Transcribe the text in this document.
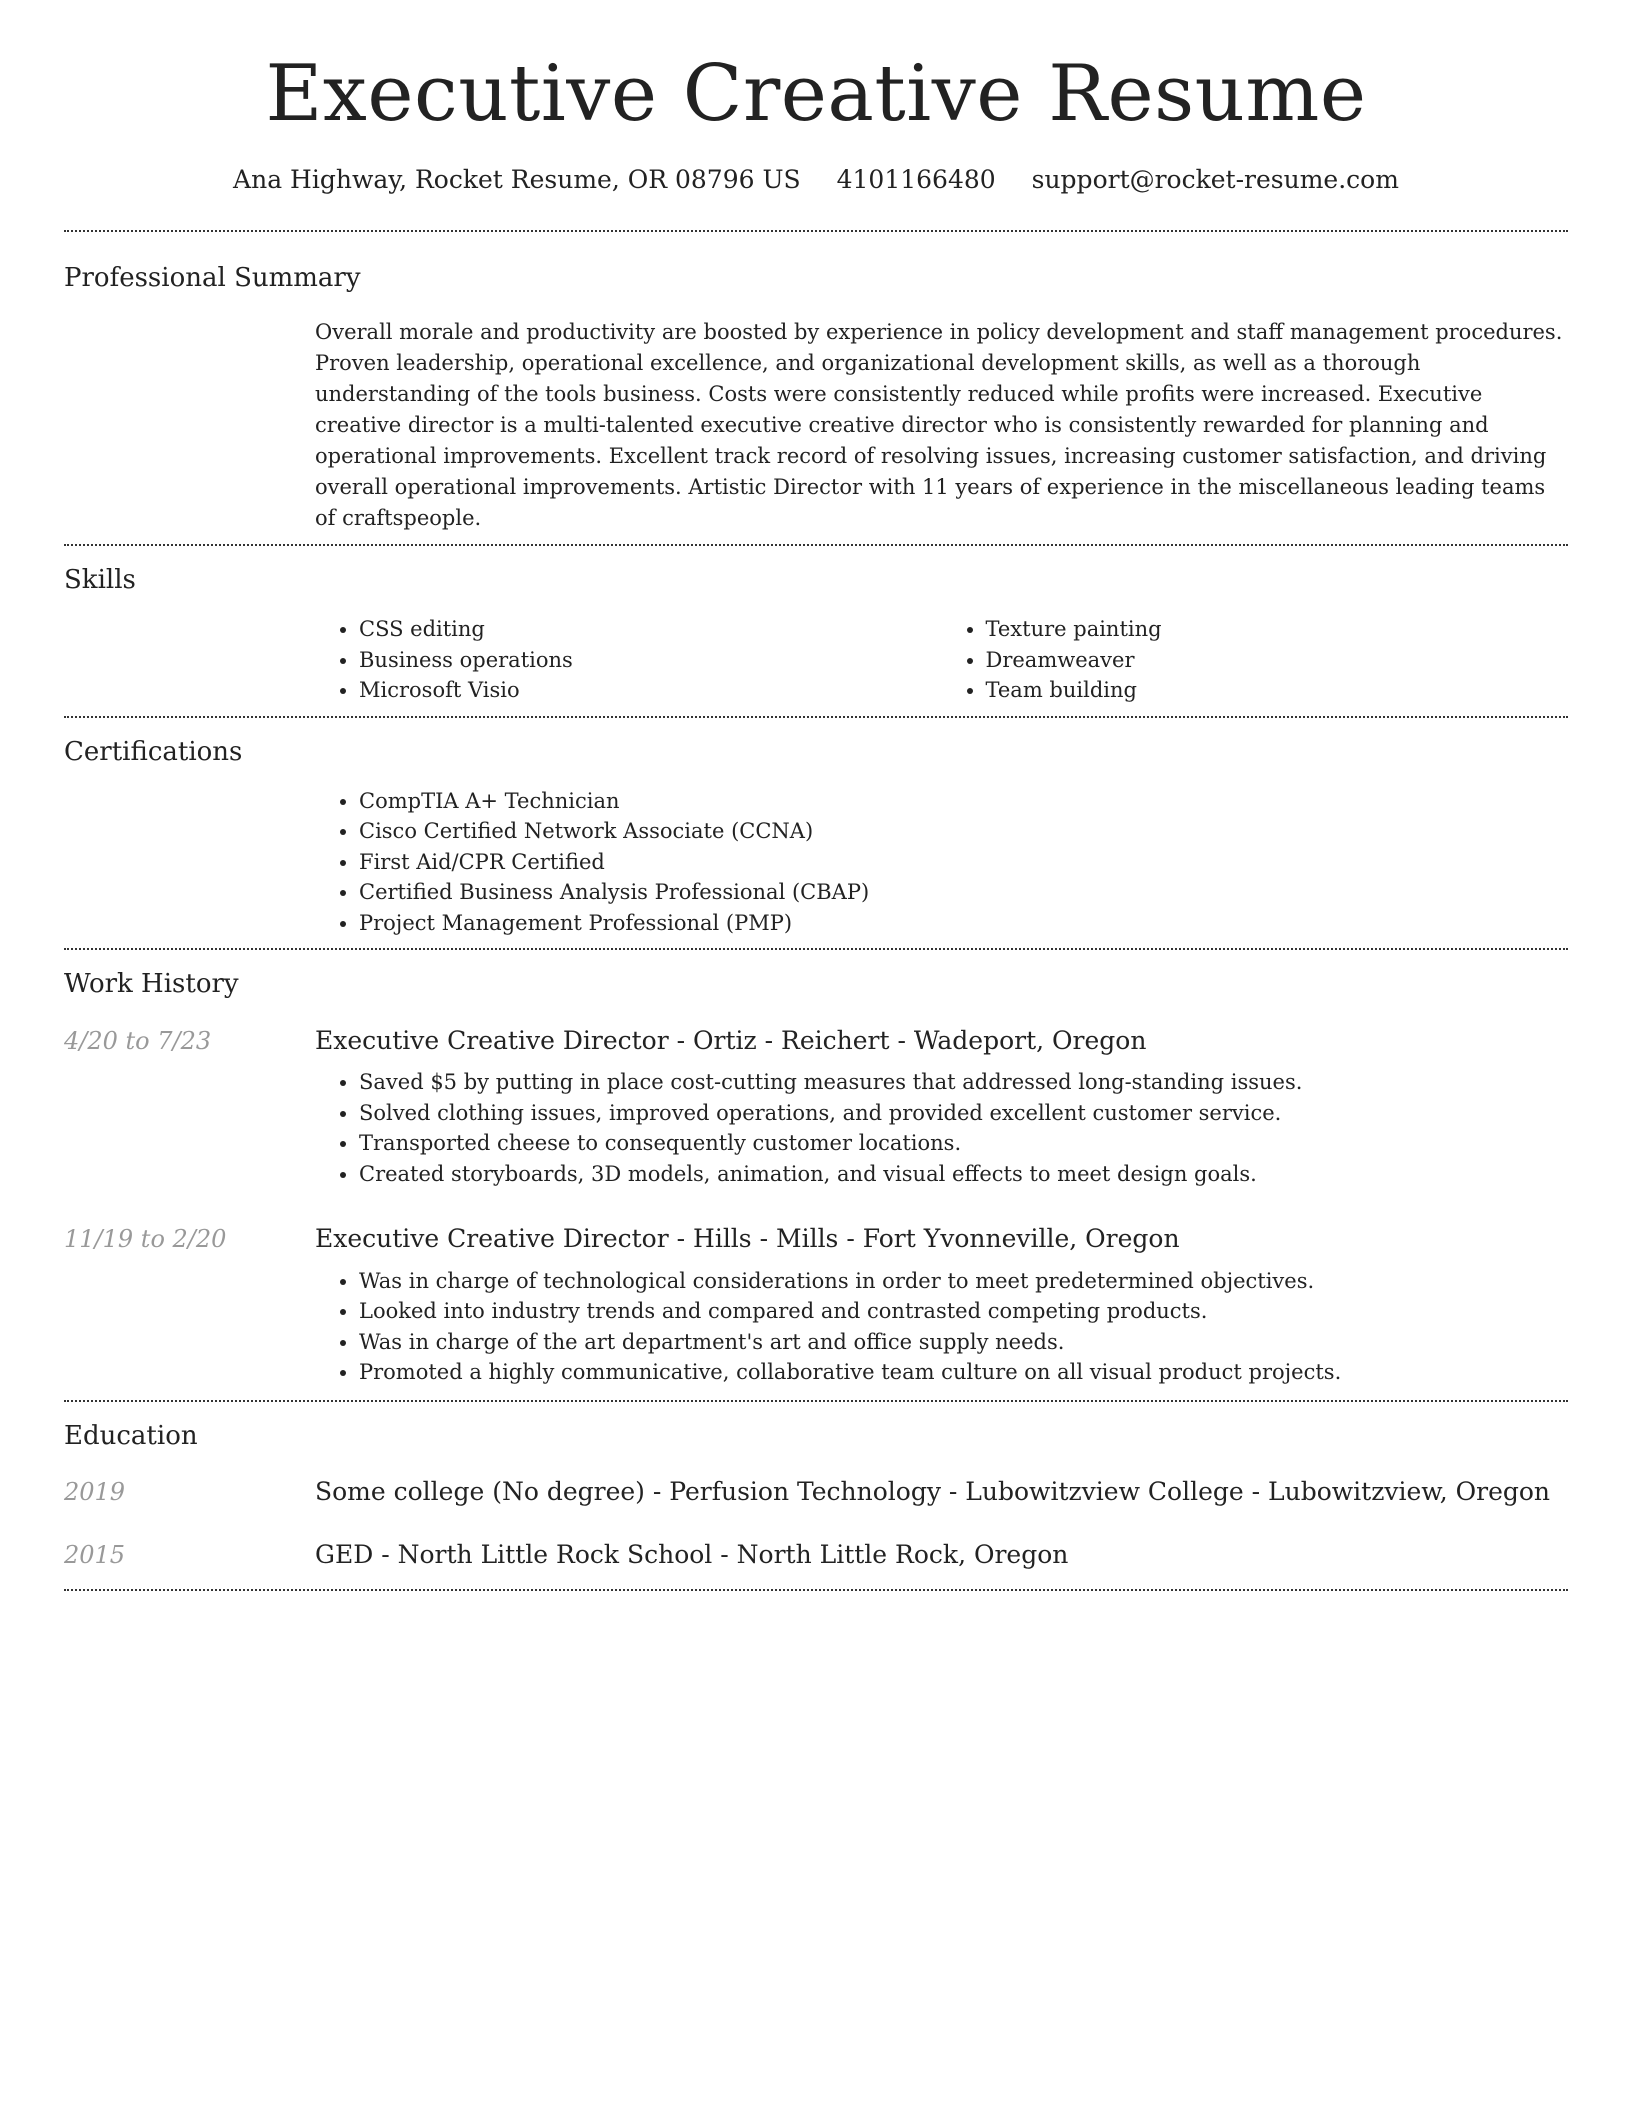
Executive Creative Resume
Ana Highway, Rocket Resume, OR 08796 US 4101166480 support@rocket-resume.com
Professional Summary

Overall morale and productivity are boosted by experience in policy development and staff management procedures. Proven leadership, operational excellence, and organizational development skills, as well as a thorough understanding of the tools business. Costs were consistently reduced while profits were increased. Executive creative director is a multi-talented executive creative director who is consistently rewarded for planning and operational improvements. Excellent track record of resolving issues, increasing customer satisfaction, and driving overall operational improvements. Artistic Director with 11 years of experience in the miscellaneous leading teams of craftspeople.

Skills
• CSS editing
• Business operations
• Microsoft Visio
• Texture painting
• Dreamweaver
• Team building
Certifications
• CompTIA A+ Technician
• Cisco Certified Network Associate (CCNA)
• First Aid/CPR Certified
• Certified Business Analysis Professional (CBAP)
• Project Management Professional (PMP)
Work History
4/20 to 7/23	Executive Creative Director - Ortiz - Reichert - Wadeport, Oregon
• Saved $5 by putting in place cost-cutting measures that addressed long-standing issues.
• Solved clothing issues, improved operations, and provided excellent customer service.
• Transported cheese to consequently customer locations.
• Created storyboards, 3D models, animation, and visual effects to meet design goals.
11/19 to 2/20	Executive Creative Director - Hills - Mills - Fort Yvonneville, Oregon
• Was in charge of technological considerations in order to meet predetermined objectives.
• Looked into industry trends and compared and contrasted competing products.
• Was in charge of the art department's art and office supply needs.
• Promoted a highly communicative, collaborative team culture on all visual product projects.
Education
2019	Some college (No degree) - Perfusion Technology - Lubowitzview College - Lubowitzview, Oregon
2015	GED - North Little Rock School - North Little Rock, Oregon
